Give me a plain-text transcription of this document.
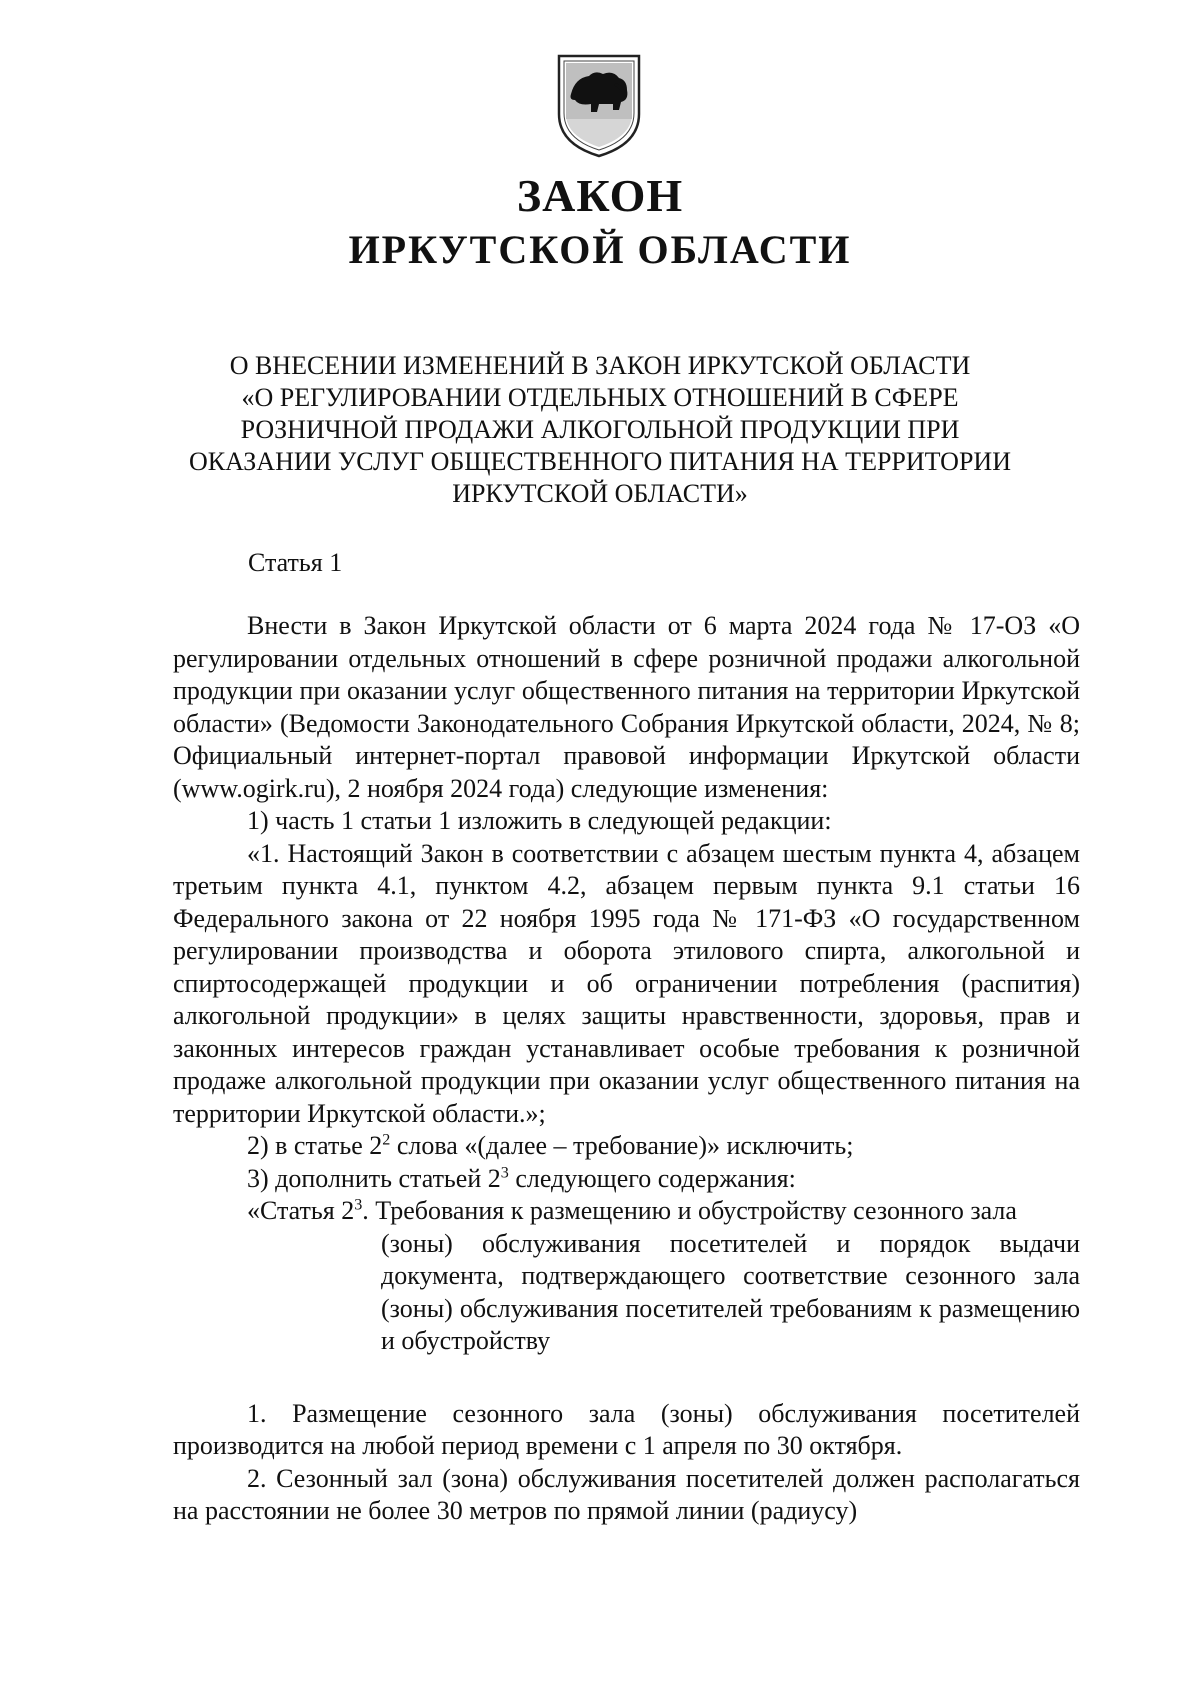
ЗАКОН
ИРКУТСКОЙ ОБЛАСТИ
О ВНЕСЕНИИ ИЗМЕНЕНИЙ В ЗАКОН ИРКУТСКОЙ ОБЛАСТИ
«О РЕГУЛИРОВАНИИ ОТДЕЛЬНЫХ ОТНОШЕНИЙ В СФЕРЕ
РОЗНИЧНОЙ ПРОДАЖИ АЛКОГОЛЬНОЙ ПРОДУКЦИИ ПРИ
ОКАЗАНИИ УСЛУГ ОБЩЕСТВЕННОГО ПИТАНИЯ НА ТЕРРИТОРИИ
ИРКУТСКОЙ ОБЛАСТИ»
Статья 1

Внести в Закон Иркутской области от 6 марта 2024 года № 17-ОЗ «О регулировании отдельных отношений в сфере розничной продажи алкогольной продукции при оказании услуг общественного питания на территории Иркутской области» (Ведомости Законодательного Собрания Иркутской области, 2024, № 8; Официальный интернет-портал правовой информации Иркутской области (www.ogirk.ru), 2 ноября 2024 года) следующие изменения:

1) часть 1 статьи 1 изложить в следующей редакции:

«1. Настоящий Закон в соответствии с абзацем шестым пункта 4, абзацем третьим пункта 4.1, пунктом 4.2, абзацем первым пункта 9.1 статьи 16 Федерального закона от 22 ноября 1995 года № 171-ФЗ «О государственном регулировании производства и оборота этилового спирта, алкогольной и спиртосодержащей продукции и об ограничении потребления (распития) алкогольной продукции» в целях защиты нравственности, здоровья, прав и законных интересов граждан устанавливает особые требования к розничной продаже алкогольной продукции при оказании услуг общественного питания на территории Иркутской области.»;

2) в статье $2^2$ слова «(далее – требование)» исключить;

3) дополнить статьей $2^3$ следующего содержания:

«Статья $2^3$. Требования к размещению и обустройству сезонного зала
(зоны) обслуживания посетителей и порядок выдачи документа, подтверждающего соответствие сезонного зала (зоны) обслуживания посетителей требованиям к размещению и обустройству

1. Размещение сезонного зала (зоны) обслуживания посетителей производится на любой период времени с 1 апреля по 30 октября.

2. Сезонный зал (зона) обслуживания посетителей должен располагаться на расстоянии не более 30 метров по прямой линии (радиусу)
